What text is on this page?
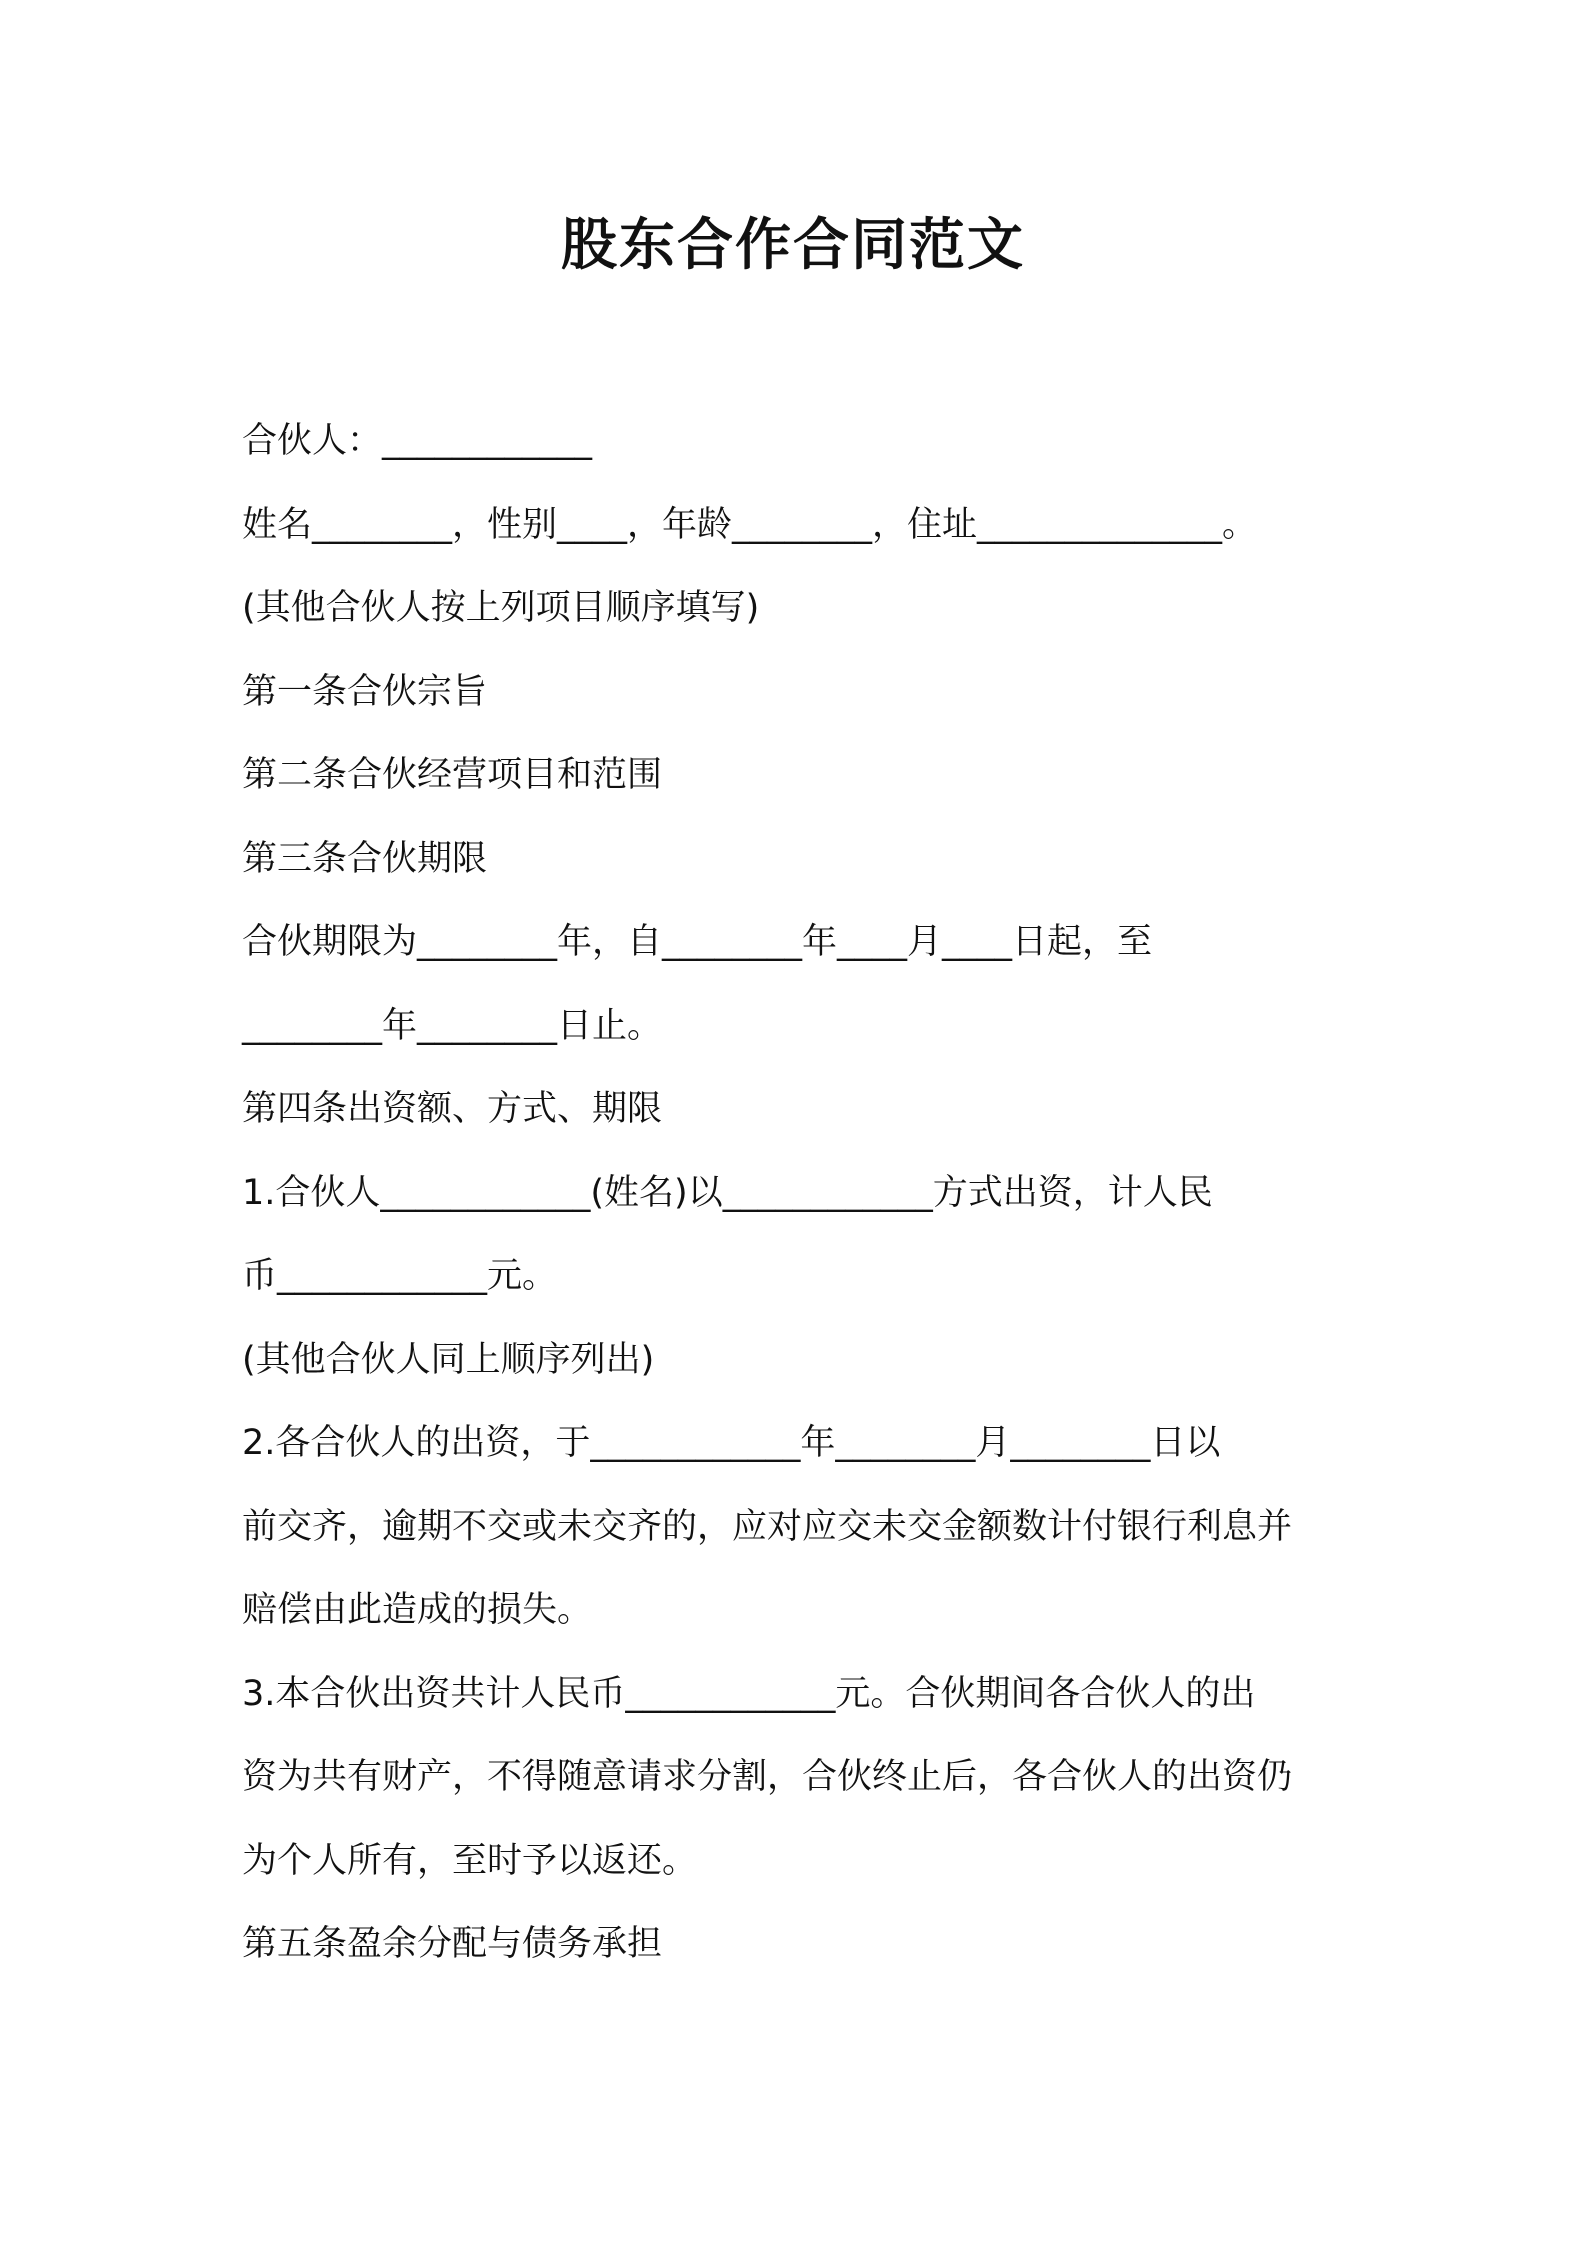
股东合作合同范文
合伙人：____________
姓名________，性别____，年龄________，住址______________。
(其他合伙人按上列项目顺序填写)
第一条合伙宗旨
第二条合伙经营项目和范围
第三条合伙期限
合伙期限为________年，自________年____月____日起，至
________年________日止。
第四条出资额、方式、期限
1.合伙人____________(姓名)以____________方式出资，计人民
币____________元。
(其他合伙人同上顺序列出)
2.各合伙人的出资，于____________年________月________日以
前交齐，逾期不交或未交齐的，应对应交未交金额数计付银行利息并
赔偿由此造成的损失。
3.本合伙出资共计人民币____________元。合伙期间各合伙人的出
资为共有财产，不得随意请求分割，合伙终止后，各合伙人的出资仍
为个人所有，至时予以返还。
第五条盈余分配与债务承担
